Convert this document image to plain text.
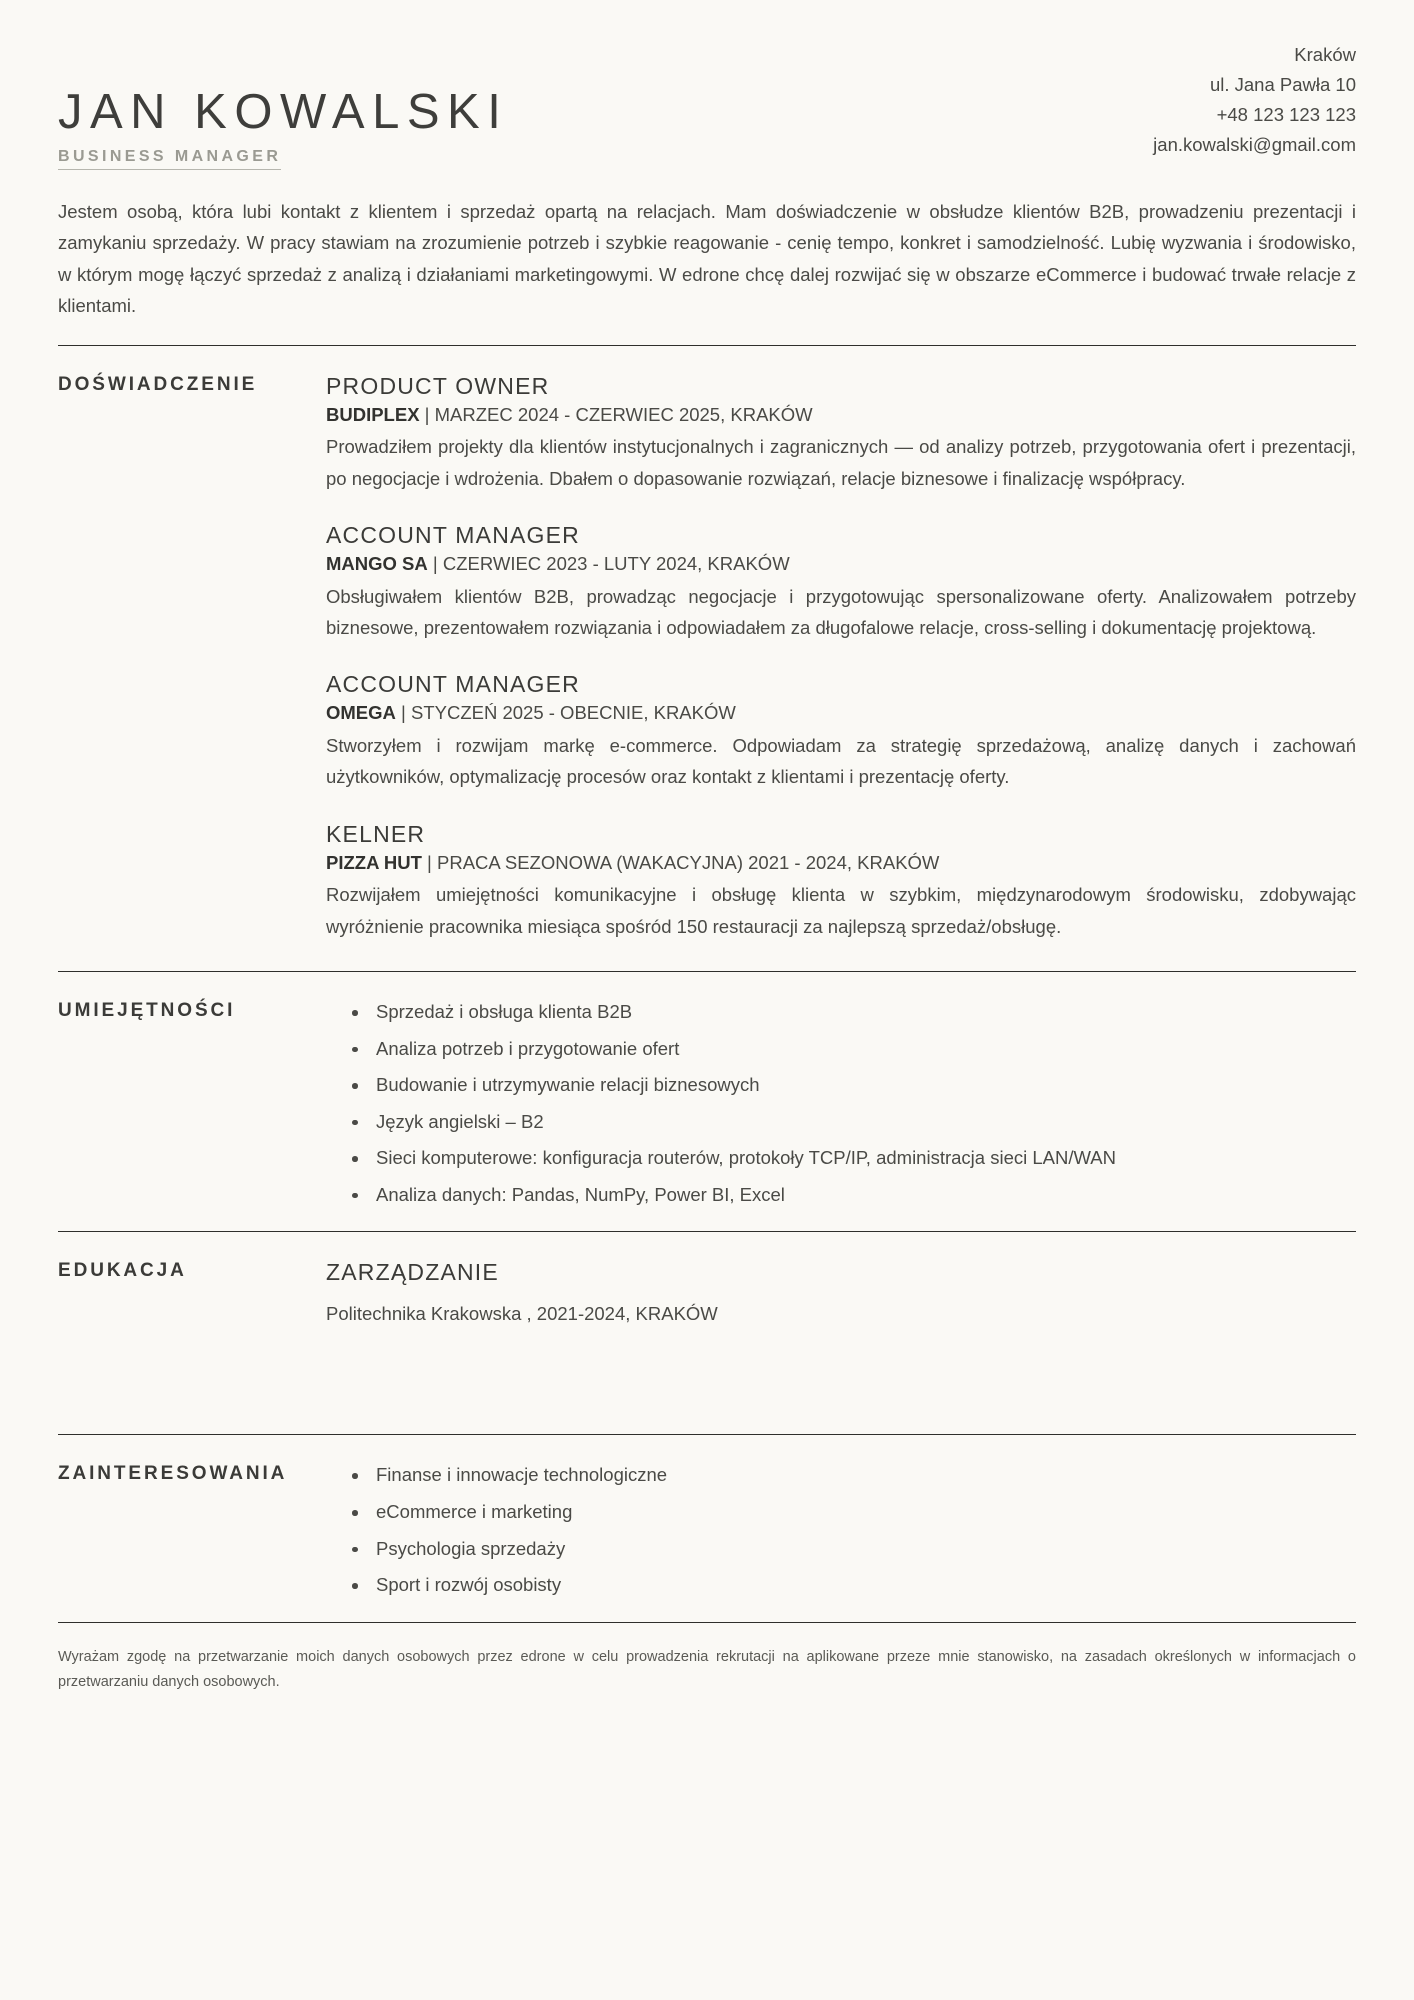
JAN KOWALSKI
BUSINESS MANAGER
Kraków
ul. Jana Pawła 10
+48 123 123 123
jan.kowalski@gmail.com
Jestem osobą, która lubi kontakt z klientem i sprzedaż opartą na relacjach. Mam doświadczenie w obsłudze klientów B2B, prowadzeniu prezentacji i zamykaniu sprzedaży. W pracy stawiam na zrozumienie potrzeb i szybkie reagowanie - cenię tempo, konkret i samodzielność. Lubię wyzwania i środowisko, w którym mogę łączyć sprzedaż z analizą i działaniami marketingowymi. W edrone chcę dalej rozwijać się w obszarze eCommerce i budować trwałe relacje z klientami.
DOŚWIADCZENIE	PRODUCT OWNER
BUDIPLEX | MARZEC 2024 - CZERWIEC 2025, KRAKÓW
Prowadziłem projekty dla klientów instytucjonalnych i zagranicznych — od analizy potrzeb, przygotowania ofert i prezentacji, po negocjacje i wdrożenia. Dbałem o dopasowanie rozwiązań, relacje biznesowe i finalizację współpracy.
ACCOUNT MANAGER
MANGO SA | CZERWIEC 2023 - LUTY 2024, KRAKÓW
Obsługiwałem klientów B2B, prowadząc negocjacje i przygotowując spersonalizowane oferty. Analizowałem potrzeby biznesowe, prezentowałem rozwiązania i odpowiadałem za długofalowe relacje, cross-selling i dokumentację projektową.
ACCOUNT MANAGER
OMEGA | STYCZEŃ 2025 - OBECNIE, KRAKÓW
Stworzyłem i rozwijam markę e-commerce. Odpowiadam za strategię sprzedażową, analizę danych i zachowań użytkowników, optymalizację procesów oraz kontakt z klientami i prezentację oferty.
KELNER
PIZZA HUT | PRACA SEZONOWA (WAKACYJNA) 2021 - 2024, KRAKÓW
Rozwijałem umiejętności komunikacyjne i obsługę klienta w szybkim, międzynarodowym środowisku, zdobywając wyróżnienie pracownika miesiąca spośród 150 restauracji za najlepszą sprzedaż/obsługę.
UMIEJĘTNOŚCI	Sprzedaż i obsługa klienta B2B
Analiza potrzeb i przygotowanie ofert
Budowanie i utrzymywanie relacji biznesowych
Język angielski – B2
Sieci komputerowe: konfiguracja routerów, protokoły TCP/IP, administracja sieci LAN/WAN
Analiza danych: Pandas, NumPy, Power BI, Excel
EDUKACJA	ZARZĄDZANIE
Politechnika Krakowska , 2021-2024, KRAKÓW
ZAINTERESOWANIA	Finanse i innowacje technologiczne
eCommerce i marketing
Psychologia sprzedaży
Sport i rozwój osobisty
Wyrażam zgodę na przetwarzanie moich danych osobowych przez edrone w celu prowadzenia rekrutacji na aplikowane przeze mnie stanowisko, na zasadach określonych w informacjach o przetwarzaniu danych osobowych.
